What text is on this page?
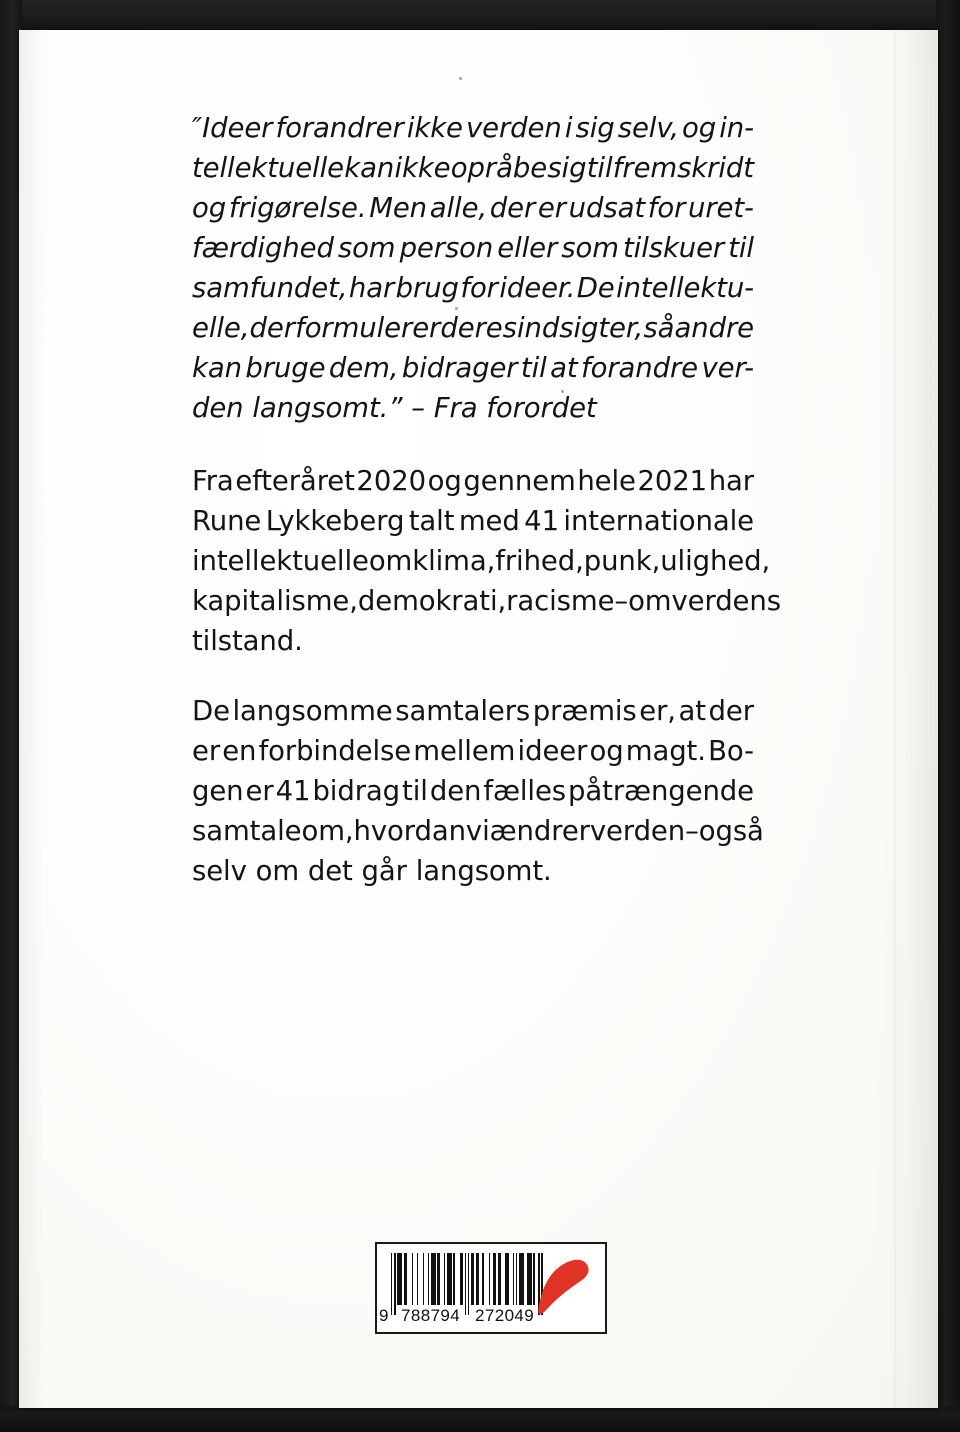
″Ideer forandrer ikke verden i sig selv, og in-
tellektuelle kan ikke opråbe sig til fremskridt
og frigørelse. Men alle, der er udsat for uret-
færdighed som person eller som tilskuer til
samfundet, har brug for ideer. De intellektu-
elle, der formulerer deres indsigter, så andre
kan bruge dem, bidrager til at forandre ver-
den langsomt.” – Fra forordet

Fra efteråret 2020 og gennem hele 2021 har
Rune Lykkeberg talt med 41 internationale
intellektuelle om klima, frihed, punk, ulighed,
kapitalisme, demokrati, racisme – om verdens
tilstand.

De langsomme samtalers præmis er, at der
er en forbindelse mellem ideer og magt. Bo-
gen er 41 bidrag til den fælles påtrængende
samtale om, hvordan vi ændrer verden – også
selv om det går langsomt.

9

788794

272049
